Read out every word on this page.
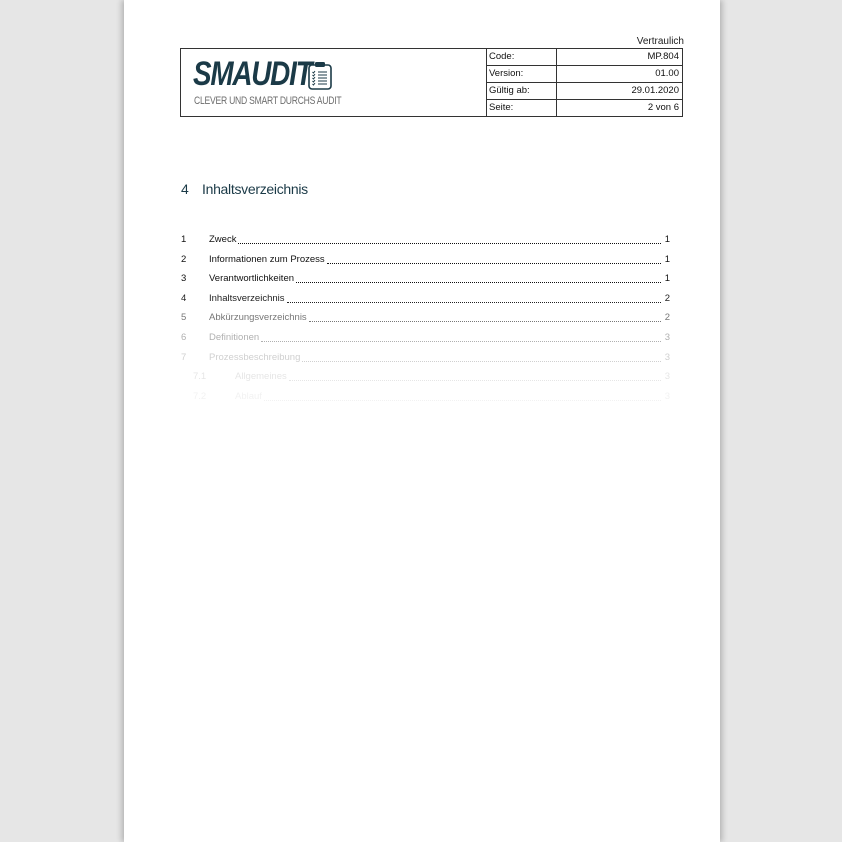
Vertraulich
SMAUDIT
CLEVER UND SMART DURCHS AUDIT
Code:	MP.804
Version:	01.00
Gültig ab:	29.01.2020
Seite:	2 von 6
4 Inhaltsverzeichnis
1	Zweck	1
2	Informationen zum Prozess	1
3	Verantwortlichkeiten	1
4	Inhaltsverzeichnis	2
5	Abkürzungsverzeichnis	2
6	Definitionen	3
7	Prozessbeschreibung	3
7.1	Allgemeines	3
7.2	Ablauf	3
